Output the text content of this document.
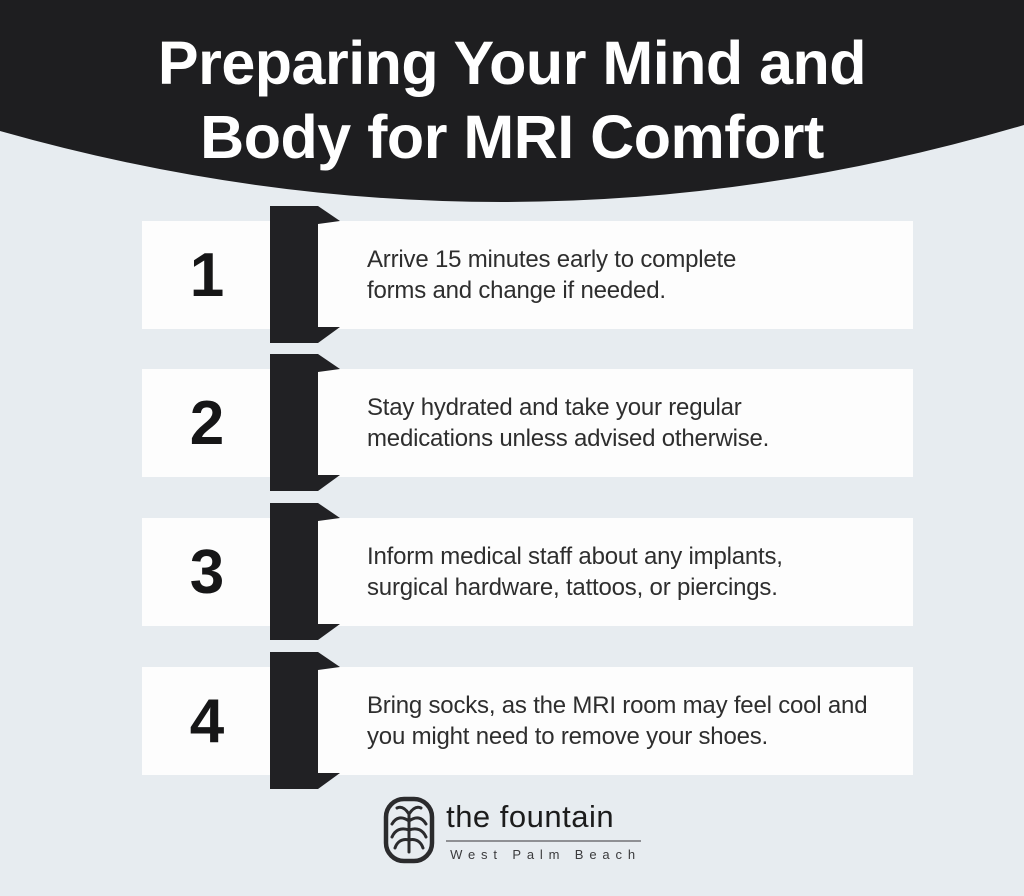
Preparing Your Mind and
Body for MRI Comfort
1	Arrive 15 minutes early to complete
forms and change if needed.
2	Stay hydrated and take your regular
medications unless advised otherwise.
3	Inform medical staff about any implants,
surgical hardware, tattoos, or piercings.
4	Bring socks, as the MRI room may feel cool and
you might need to remove your shoes.
the fountain
West Palm Beach
